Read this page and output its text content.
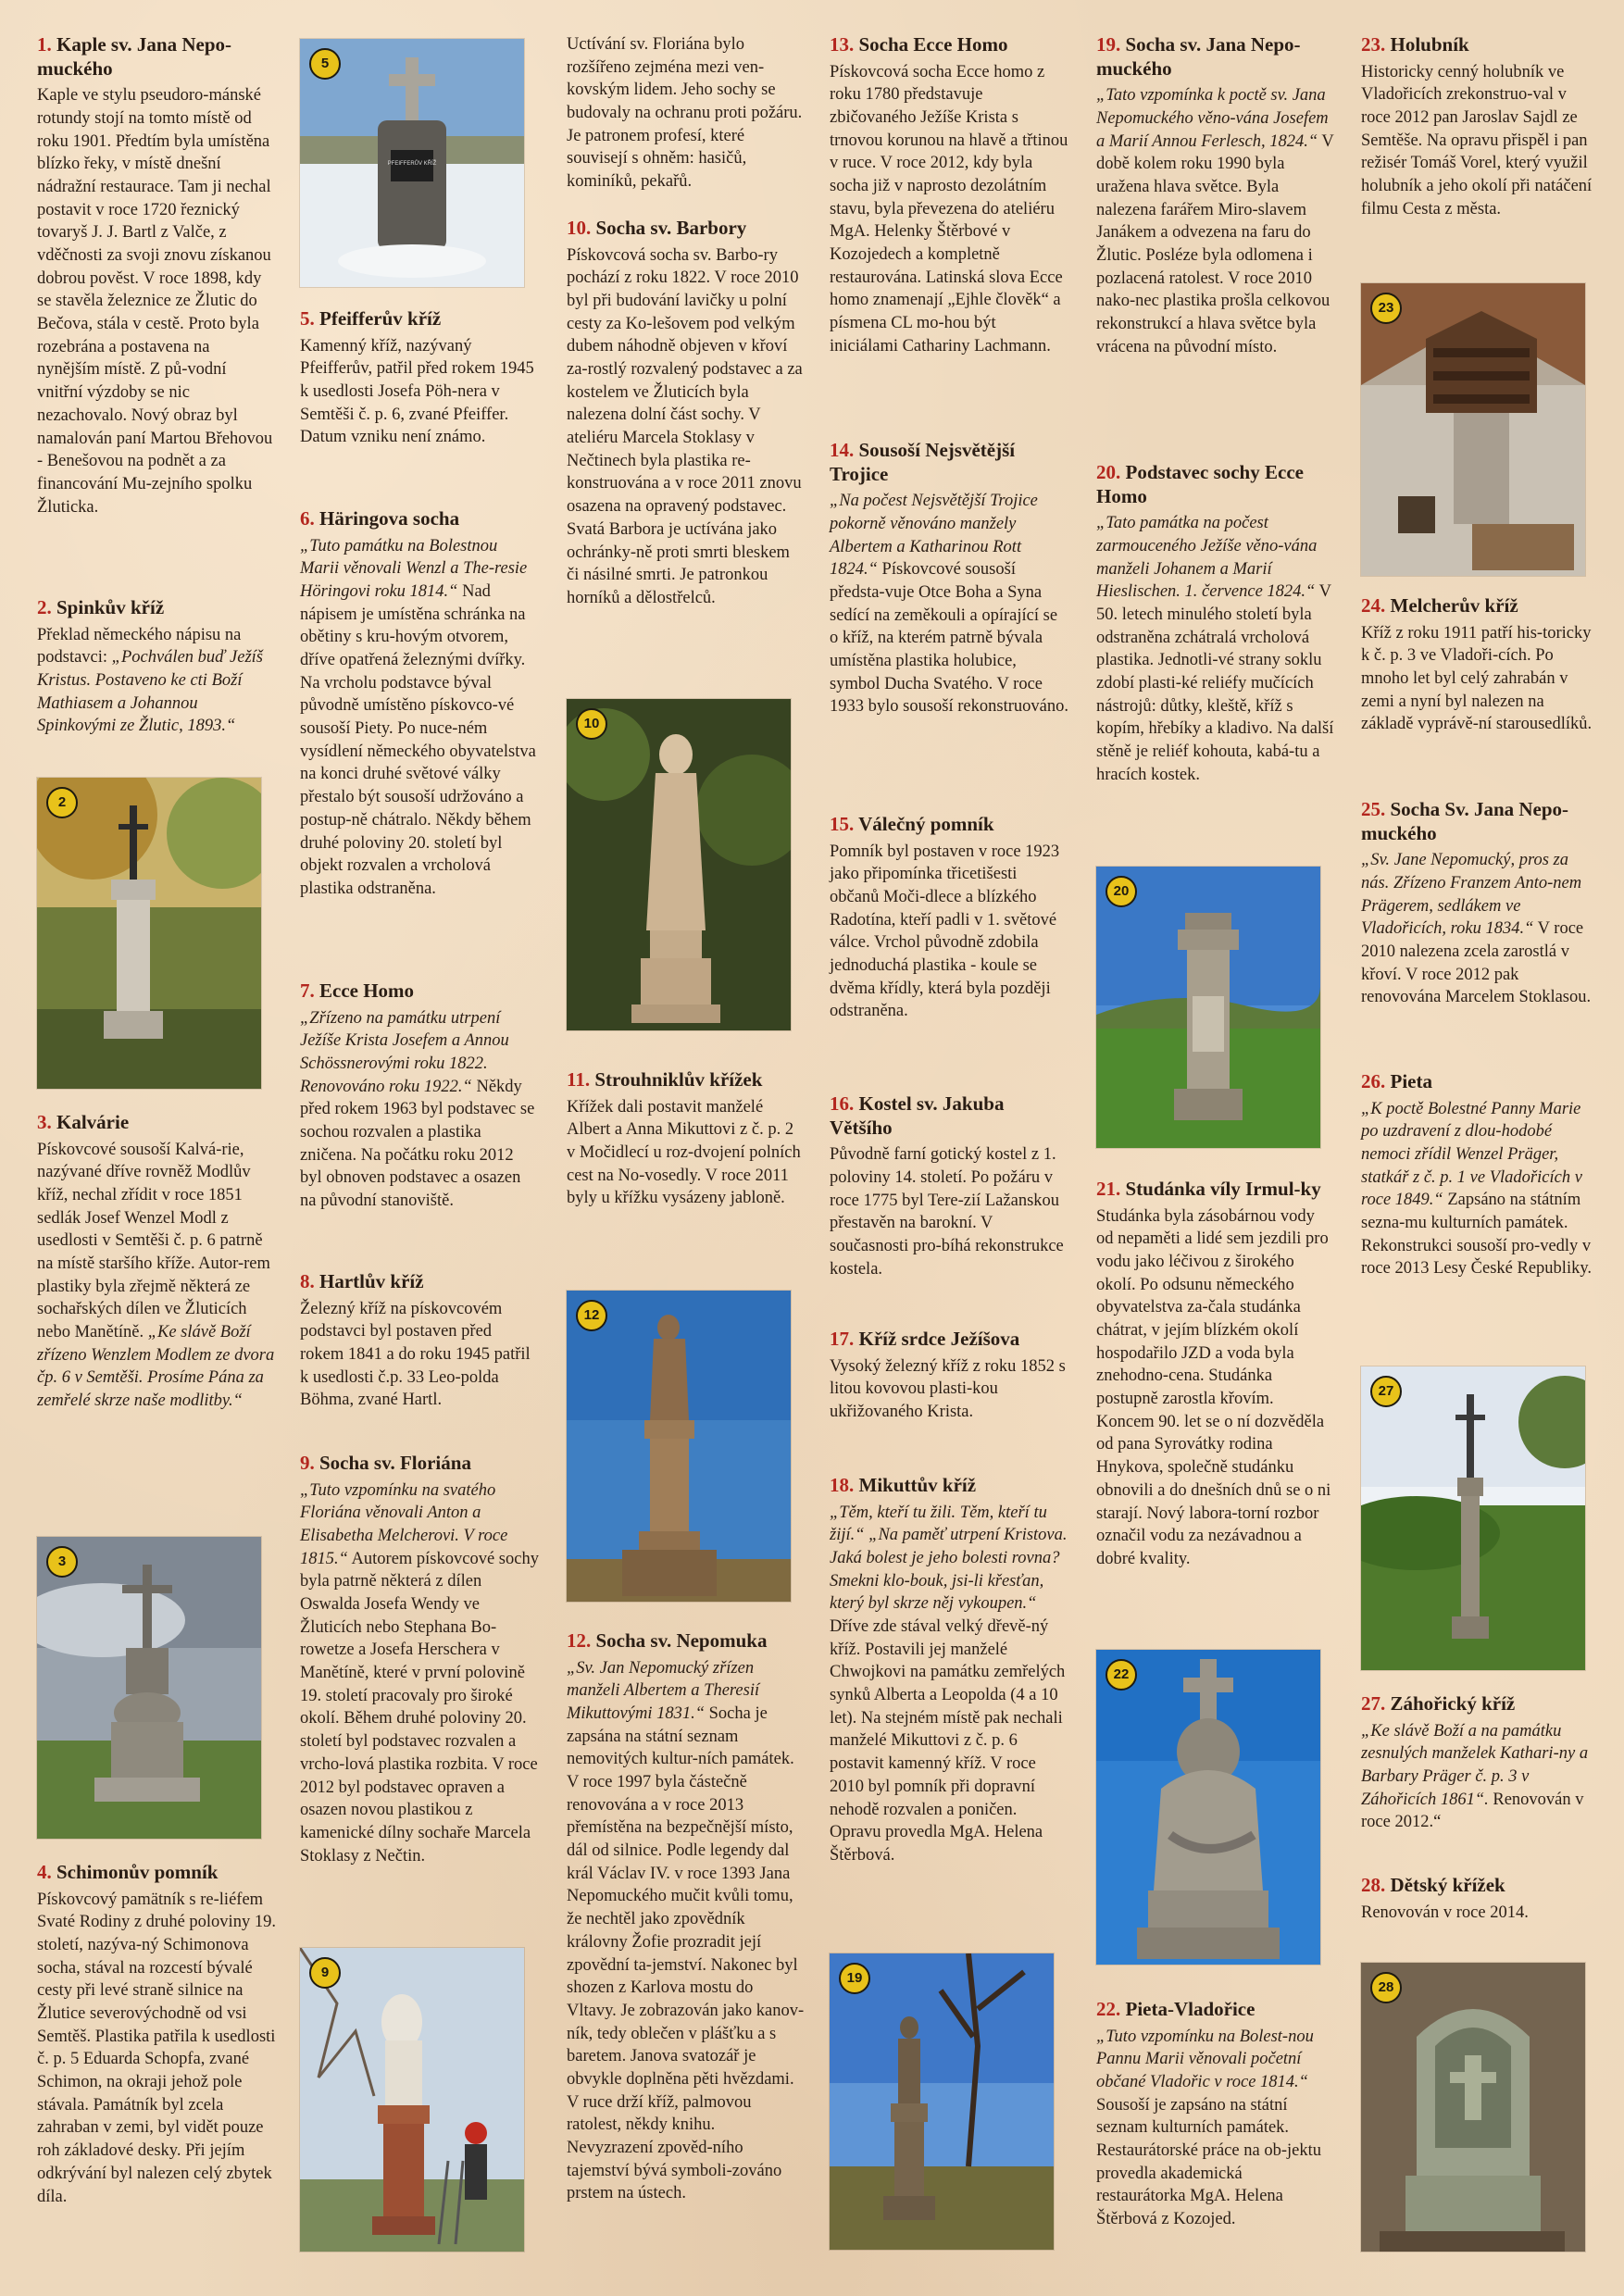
1. Kaple sv. Jana Nepo-muckého

Kaple ve stylu pseudoro-mánské rotundy stojí na tomto místě od roku 1901. Předtím byla umístěna blízko řeky, v místě dnešní nádražní restaurace. Tam ji nechal postavit v roce 1720 řeznický tovaryš J. J. Bartl z Valče, z vděčnosti za svoji znovu získanou dobrou pověst. V roce 1898, kdy se stavěla železnice ze Žlutic do Bečova, stála v cestě. Proto byla rozebrána a postavena na nynějším místě. Z pů-vodní vnitřní výzdoby se nic nezachovalo. Nový obraz byl namalován paní Martou Břehovou - Benešovou na podnět a za financování Mu-zejního spolku Žluticka.

2. Spinkův kříž

Překlad německého nápisu na podstavci: „Pochválen buď Ježíš Kristus. Postaveno ke cti Boží Mathiasem a Johannou Spinkovými ze Žlutic, 1893.“

2
3. Kalvárie

Pískovcové sousoší Kalvá-rie, nazývané dříve rovněž Modlův kříž, nechal zřídit v roce 1851 sedlák Josef Wenzel Modl z usedlosti v Semtěši č. p. 6 patrně na místě staršího kříže. Autor-rem plastiky byla zřejmě některá ze sochařských dílen ve Žluticích nebo Manětíně. „Ke slávě Boží zřízeno Wenzlem Modlem ze dvora čp. 6 v Semtěši. Prosíme Pána za zemřelé skrze naše modlitby.“

3
4. Schimonův pomník

Pískovcový pamätník s re-liéfem Svaté Rodiny z druhé poloviny 19. století, nazýva-ný Schimonova socha, stával na rozcestí bývalé cesty při levé straně silnice na Žlutice severovýchodně od vsi Semtěš. Plastika patřila k usedlosti č. p. 5 Eduarda Schopfa, zvané Schimon, na okraji jehož pole stávala. Památník byl zcela zahraban v zemi, byl vidět pouze roh základové desky. Při jejím odkrývání byl nalezen celý zbytek díla.

5
PFEIFFERŮV KŘÍŽ
5. Pfeifferův kříž

Kamenný kříž, nazývaný Pfeifferův, patřil před rokem 1945 k usedlosti Josefa Pöh-nera v Semtěši č. p. 6, zvané Pfeiffer. Datum vzniku není známo.

6. Häringova socha

„Tuto památku na Bolestnou Marii věnovali Wenzl a The-resie Höringovi roku 1814.“ Nad nápisem je umístěna schránka na obětiny s kru-hovým otvorem, dříve opatřená železnými dvířky. Na vrcholu podstavce býval původně umístěno pískovco-vé sousoší Piety. Po nuce-ném vysídlení německého obyvatelstva na konci druhé světové války přestalo být sousoší udržováno a postup-ně chátralo. Někdy během druhé poloviny 20. století byl objekt rozvalen a vrcholová plastika odstraněna.

7. Ecce Homo

„Zřízeno na památku utrpení Ježíše Krista Josefem a Annou Schössnerovými roku 1822. Renovováno roku 1922.“ Někdy před rokem 1963 byl podstavec se sochou rozvalen a plastika zničena. Na počátku roku 2012 byl obnoven podstavec a osazen na původní stanoviště.

8. Hartlův kříž

Železný kříž na pískovcovém podstavci byl postaven před rokem 1841 a do roku 1945 patřil k usedlosti č.p. 33 Leo-polda Böhma, zvané Hartl.

9. Socha sv. Floriána

„Tuto vzpomínku na svatého Floriána věnovali Anton a Elisabetha Melcherovi. V roce 1815.“ Autorem pískovcové sochy byla patrně některá z dílen Oswalda Josefa Wendy ve Žluticích nebo Stephana Bo-rowetze a Josefa Herschera v Manětíně, které v první polovině 19. století pracovaly pro široké okolí. Během druhé poloviny 20. století byl podstavec rozvalen a vrcho-lová plastika rozbita. V roce 2012 byl podstavec opraven a osazen novou plastikou z kamenické dílny sochaře Marcela Stoklasy z Nečtin.

9

Uctívání sv. Floriána bylo rozšířeno zejména mezi ven-kovským lidem. Jeho sochy se budovaly na ochranu proti požáru. Je patronem profesí, které souvisejí s ohněm: hasičů, kominíků, pekařů.

10. Socha sv. Barbory

Pískovcová socha sv. Barbo-ry pochází z roku 1822. V roce 2010 byl při budování lavičky u polní cesty za Ko-lešovem pod velkým dubem náhodně objeven v křoví za-rostlý rozvalený podstavec a za kostelem ve Žluticích byla nalezena dolní část sochy. V ateliéru Marcela Stoklasy v Nečtinech byla plastika re-konstruována a v roce 2011 znovu osazena na opravený podstavec. Svatá Barbora je uctívána jako ochránky-ně proti smrti bleskem či násilné smrti. Je patronkou horníků a dělostřelců.

10
11. Strouhniklův křížek

Křížek dali postavit manželé Albert a Anna Mikuttovi z č. p. 2 v Močidlecí u roz-dvojení polních cest na No-vosedly. V roce 2011 byly u křížku vysázeny jabloně.

12
12. Socha sv. Nepomuka

„Sv. Jan Nepomucký zřízen manželi Albertem a Theresií Mikuttovými 1831.“ Socha je zapsána na státní seznam nemovitých kultur-ních památek. V roce 1997 byla částečně renovována a v roce 2013 přemístěna na bezpečnější místo, dál od silnice. Podle legendy dal král Václav IV. v roce 1393 Jana Nepomuckého mučit kvůli tomu, že nechtěl jako zpovědník královny Žofie prozradit její zpovědní ta-jemství. Nakonec byl shozen z Karlova mostu do Vltavy. Je zobrazován jako kanov-ník, tedy oblečen v plášťku a s baretem. Janova svatozář je obvykle doplněna pěti hvězdami. V ruce drží kříž, palmovou ratolest, někdy knihu. Nevyzrazení zpověd-ního tajemství bývá symboli-zováno prstem na ústech.

13. Socha Ecce Homo

Pískovcová socha Ecce homo z roku 1780 představuje zbičovaného Ježíše Krista s trnovou korunou na hlavě a třtinou v ruce. V roce 2012, kdy byla socha již v naprosto dezolátním stavu, byla převezena do ateliéru MgA. Helenky Štěrbové v Kozojedech a kompletně restaurována. Latinská slova Ecce homo znamenají „Ejhle člověk“ a písmena CL mo-hou být iniciálami Catharinу Lachmann.

14. Sousoší Nejsvětější Trojice

„Na počest Nejsvětější Trojice pokorně věnováno manžely Albertem a Katharinou Rott 1824.“ Pískovcové sousoší předsta-vuje Otce Boha a Syna sedící na zeměkouli a opírající se o kříž, na kterém patrně bývala umístěna plastika holubice, symbol Ducha Svatého. V roce 1933 bylo sousoší rekonstruováno.

15. Válečný pomník

Pomník byl postaven v roce 1923 jako připomínka třicetišesti občanů Moči-dlece a blízkého Radotína, kteří padli v 1. světové válce. Vrchol původně zdobila jednoduchá plastika - koule se dvěma křídly, která byla později odstraněna.

16. Kostel sv. Jakuba Většího

Původně farní gotický kostel z 1. poloviny 14. století. Po požáru v roce 1775 byl Tere-zií Lažanskou přestavěn na barokní. V současnosti pro-bíhá rekonstrukce kostela.

17. Kříž srdce Ježíšova

Vysoký železný kříž z roku 1852 s litou kovovou plasti-kou ukřižovaného Krista.

18. Mikuttův kříž

„Těm, kteří tu žili. Těm, kteří tu žijí.“ „Na paměť utrpení Kristova. Jaká bolest je jeho bolesti rovna? Smekni klo-bouk, jsi-li křesťan, který byl skrze něj vykoupen.“ Dříve zde stával velký dřevě-ný kříž. Postavili jej manželé Chwojkovi na památku zemřelých synků Alberta a Leopolda (4 a 10 let). Na stejném místě pak nechali manželé Mikuttovi z č. p. 6 postavit kamenný kříž. V roce 2010 byl pomník při dopravní nehodě rozvalen a poničen. Opravu provedla MgA. Helena Štěrbová.

19
19. Socha sv. Jana Nepo-muckého

„Tato vzpomínka k poctě sv. Jana Nepomuckého věno-vána Josefem a Marií Annou Ferlesch, 1824.“ V době kolem roku 1990 byla uražena hlava světce. Byla nalezena farářem Miro-slavem Janákem a odvezena na faru do Žlutic. Posléze byla odlomena i pozlacená ratolest. V roce 2010 nako-nec plastika prošla celkovou rekonstrukcí a hlava světce byla vrácena na původní místo.

20. Podstavec sochy Ecce Homo

„Tato památka na počest zarmouceného Ježíše věno-vána manželi Johanem a Marií Hieslischen. 1. července 1824.“ V 50. letech minulého století byla odstraněna zchátralá vrcholová plastika. Jednotli-vé strany soklu zdobí plasti-ké reliéfy mučících nástrojů: důtky, kleště, kříž s kopím, hřebíky a kladivo. Na další stěně je reliéf kohouta, kabá-tu a hracích kostek.

20
21. Studánka víly Irmul-ky

Studánka byla zásobárnou vody od nepaměti a lidé sem jezdili pro vodu jako léčivou z širokého okolí. Po odsunu německého obyvatelstva za-čala studánka chátrat, v jejím blízkém okolí hospodařilo JZD a voda byla znehodno-cena. Studánka postupně zarostla křovím. Koncem 90. let se o ní dozvěděla od pana Syrovátky rodina Hnykova, společně studánku obnovili a do dnešních dnů se o ni starají. Nový labora-torní rozbor označil vodu za nezávadnou a dobré kvality.

22
22. Pieta-Vladořice

„Tuto vzpomínku na Bolest-nou Pannu Marii věnovali početní občané Vladořic v roce 1814.“ Sousoší je zapsáno na státní seznam kulturních památek. Restaurátorské práce na ob-jektu provedla akademická restaurátorka MgA. Helena Štěrbová z Kozojed.

23. Holubník

Historicky cenný holubník ve Vladořicích zrekonstruo-val v roce 2012 pan Jaroslav Sajdl ze Semtěše. Na opravu přispěl i pan režisér Tomáš Vorel, který využil holubník a jeho okolí při natáčení filmu Cesta z města.

23
24. Melcherův kříž

Kříž z roku 1911 patří his-toricky k č. p. 3 ve Vladoři-cích. Po mnoho let byl celý zahrabán v zemi a nyní byl nalezen na základě vyprávě-ní starousedlíků.

25. Socha Sv. Jana Nepo-muckého

„Sv. Jane Nepomucký, pros za nás. Zřízeno Franzem Anto-nem Prägerem, sedlákem ve Vladořicích, roku 1834.“ V roce 2010 nalezena zcela zarostlá v křoví. V roce 2012 pak renovována Marcelem Stoklasou.

26. Pieta

„K poctě Bolestné Panny Marie po uzdravení z dlou-hodobé nemoci zřídil Wenzel Präger, statkář z č. p. 1 ve Vladořicích v roce 1849.“ Zapsáno na státním sezna-mu kulturních památek. Rekonstrukci sousoší pro-vedly v roce 2013 Lesy České Republiky.

27
27. Záhořický kříž

„Ke slávě Boží a na památku zesnulých manželek Kathari-ny a Barbary Präger č. p. 3 v Záhořicích 1861“. Renovován v roce 2012.“

28. Dětský křížek

Renovován v roce 2014.

28
